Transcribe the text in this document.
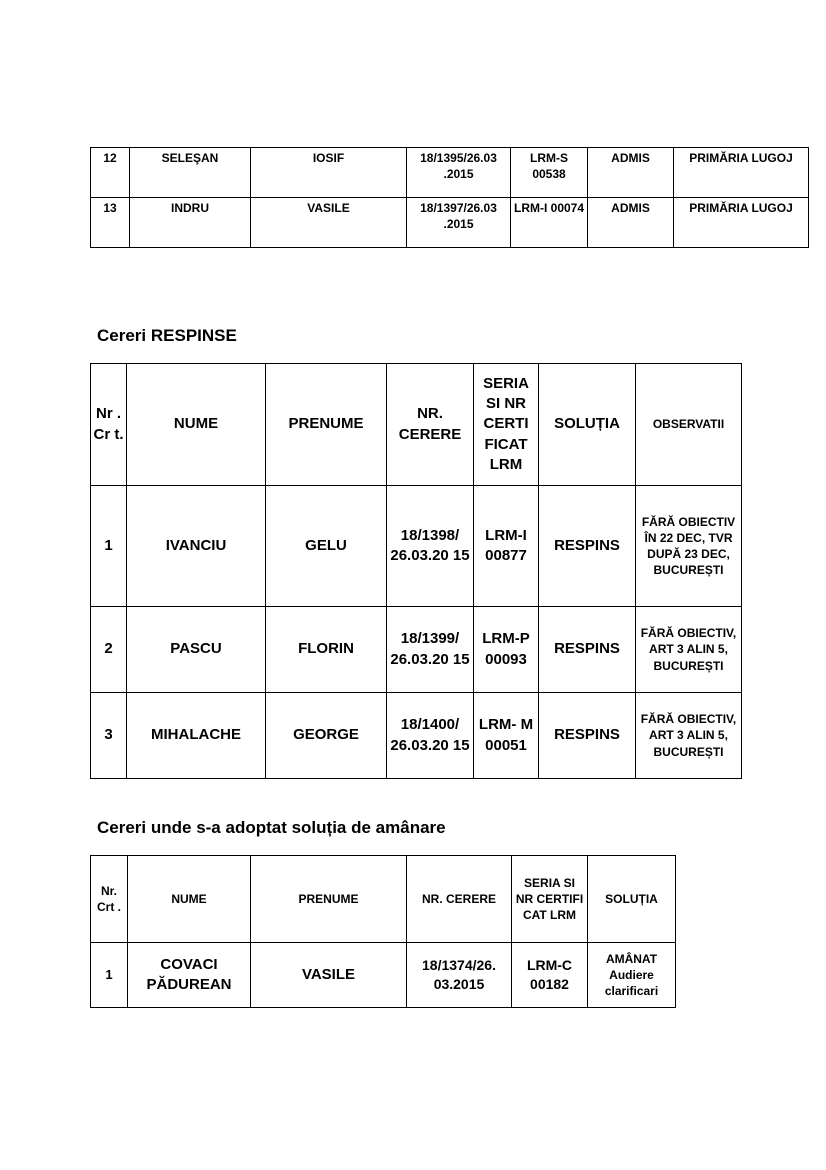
12	SELEŞAN	IOSIF	18/1395/26.03 .2015	LRM-S 00538	ADMIS	PRIMĂRIA LUGOJ
13	INDRU	VASILE	18/1397/26.03 .2015	LRM-I 00074	ADMIS	PRIMĂRIA LUGOJ
Cereri RESPINSE
Nr . Cr t.	NUME	PRENUME	NR. CERERE	SERIA SI NR CERTI FICAT LRM	SOLUȚIA	OBSERVATII
1	IVANCIU	GELU	18/1398/ 26.03.20 15	LRM-I 00877	RESPINS	FĂRĂ OBIECTIV ÎN 22 DEC, TVR DUPĂ 23 DEC, BUCUREȘTI
2	PASCU	FLORIN	18/1399/ 26.03.20 15	LRM-P 00093	RESPINS	FĂRĂ OBIECTIV, ART 3 ALIN 5, BUCUREȘTI
3	MIHALACHE	GEORGE	18/1400/ 26.03.20 15	LRM- M 00051	RESPINS	FĂRĂ OBIECTIV, ART 3 ALIN 5, BUCUREȘTI
Cereri unde s-a adoptat soluția de amânare
Nr. Crt .	NUME	PRENUME	NR. CERERE	SERIA SI NR CERTIFI CAT LRM	SOLUȚIA
1	COVACI PĂDUREAN	VASILE	18/1374/26. 03.2015	LRM-C 00182	AMÂNAT Audiere clarificari
